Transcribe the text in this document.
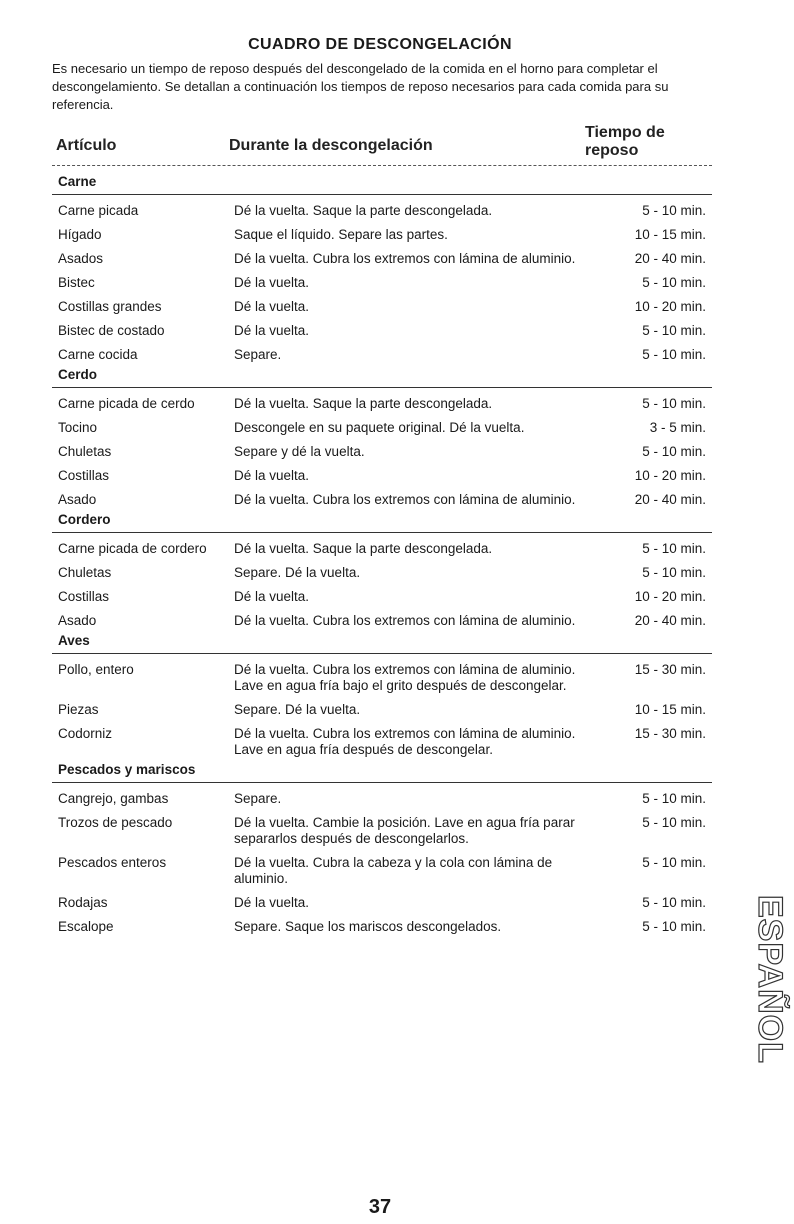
CUADRO DE DESCONGELACIÓN
Es necesario un tiempo de reposo después del descongelado de la comida en el horno para completar el descongelamiento. Se detallan a continuación los tiempos de reposo necesarios para cada comida para su referencia.
Artículo	Durante la descongelación
Tiempo de
reposo
Carne
Carne picada	Dé la vuelta. Saque la parte descongelada.	5 - 10 min.
Hígado	Saque el líquido. Separe las partes.	10 - 15 min.
Asados	Dé la vuelta. Cubra los extremos con lámina de aluminio.	20 - 40 min.
Bistec	Dé la vuelta.	5 - 10 min.
Costillas grandes	Dé la vuelta.	10 - 20 min.
Bistec de costado	Dé la vuelta.	5 - 10 min.
Carne cocida	Separe.	5 - 10 min.
Cerdo
Carne picada de cerdo	Dé la vuelta. Saque la parte descongelada.	5 - 10 min.
Tocino	Descongele en su paquete original. Dé la vuelta.	3 - 5 min.
Chuletas	Separe y dé la vuelta.	5 - 10 min.
Costillas	Dé la vuelta.	10 - 20 min.
Asado	Dé la vuelta. Cubra los extremos con lámina de aluminio.	20 - 40 min.
Cordero
Carne picada de cordero	Dé la vuelta. Saque la parte descongelada.	5 - 10 min.
Chuletas	Separe. Dé la vuelta.	5 - 10 min.
Costillas	Dé la vuelta.	10 - 20 min.
Asado	Dé la vuelta. Cubra los extremos con lámina de aluminio.	20 - 40 min.
Aves
Pollo, entero	Dé la vuelta. Cubra los extremos con lámina de aluminio. Lave en agua fría bajo el grito después de descongelar.
15 - 30 min.
Piezas	Separe. Dé la vuelta.	10 - 15 min.
Codorniz	Dé la vuelta. Cubra los extremos con lámina de aluminio. Lave en agua fría después de descongelar.
15 - 30 min.
Pescados y mariscos
Cangrejo, gambas	Separe.	5 - 10 min.
Trozos de pescado	Dé la vuelta. Cambie la posición. Lave en agua fría parar separarlos después de descongelarlos.
5 - 10 min.
Pescados enteros	Dé la vuelta. Cubra la cabeza y la cola con lámina de aluminio.
5 - 10 min.
Rodajas	Dé la vuelta.	5 - 10 min.
Escalope	Separe. Saque los mariscos descongelados.	5 - 10 min.
37
ESPAÑOL
